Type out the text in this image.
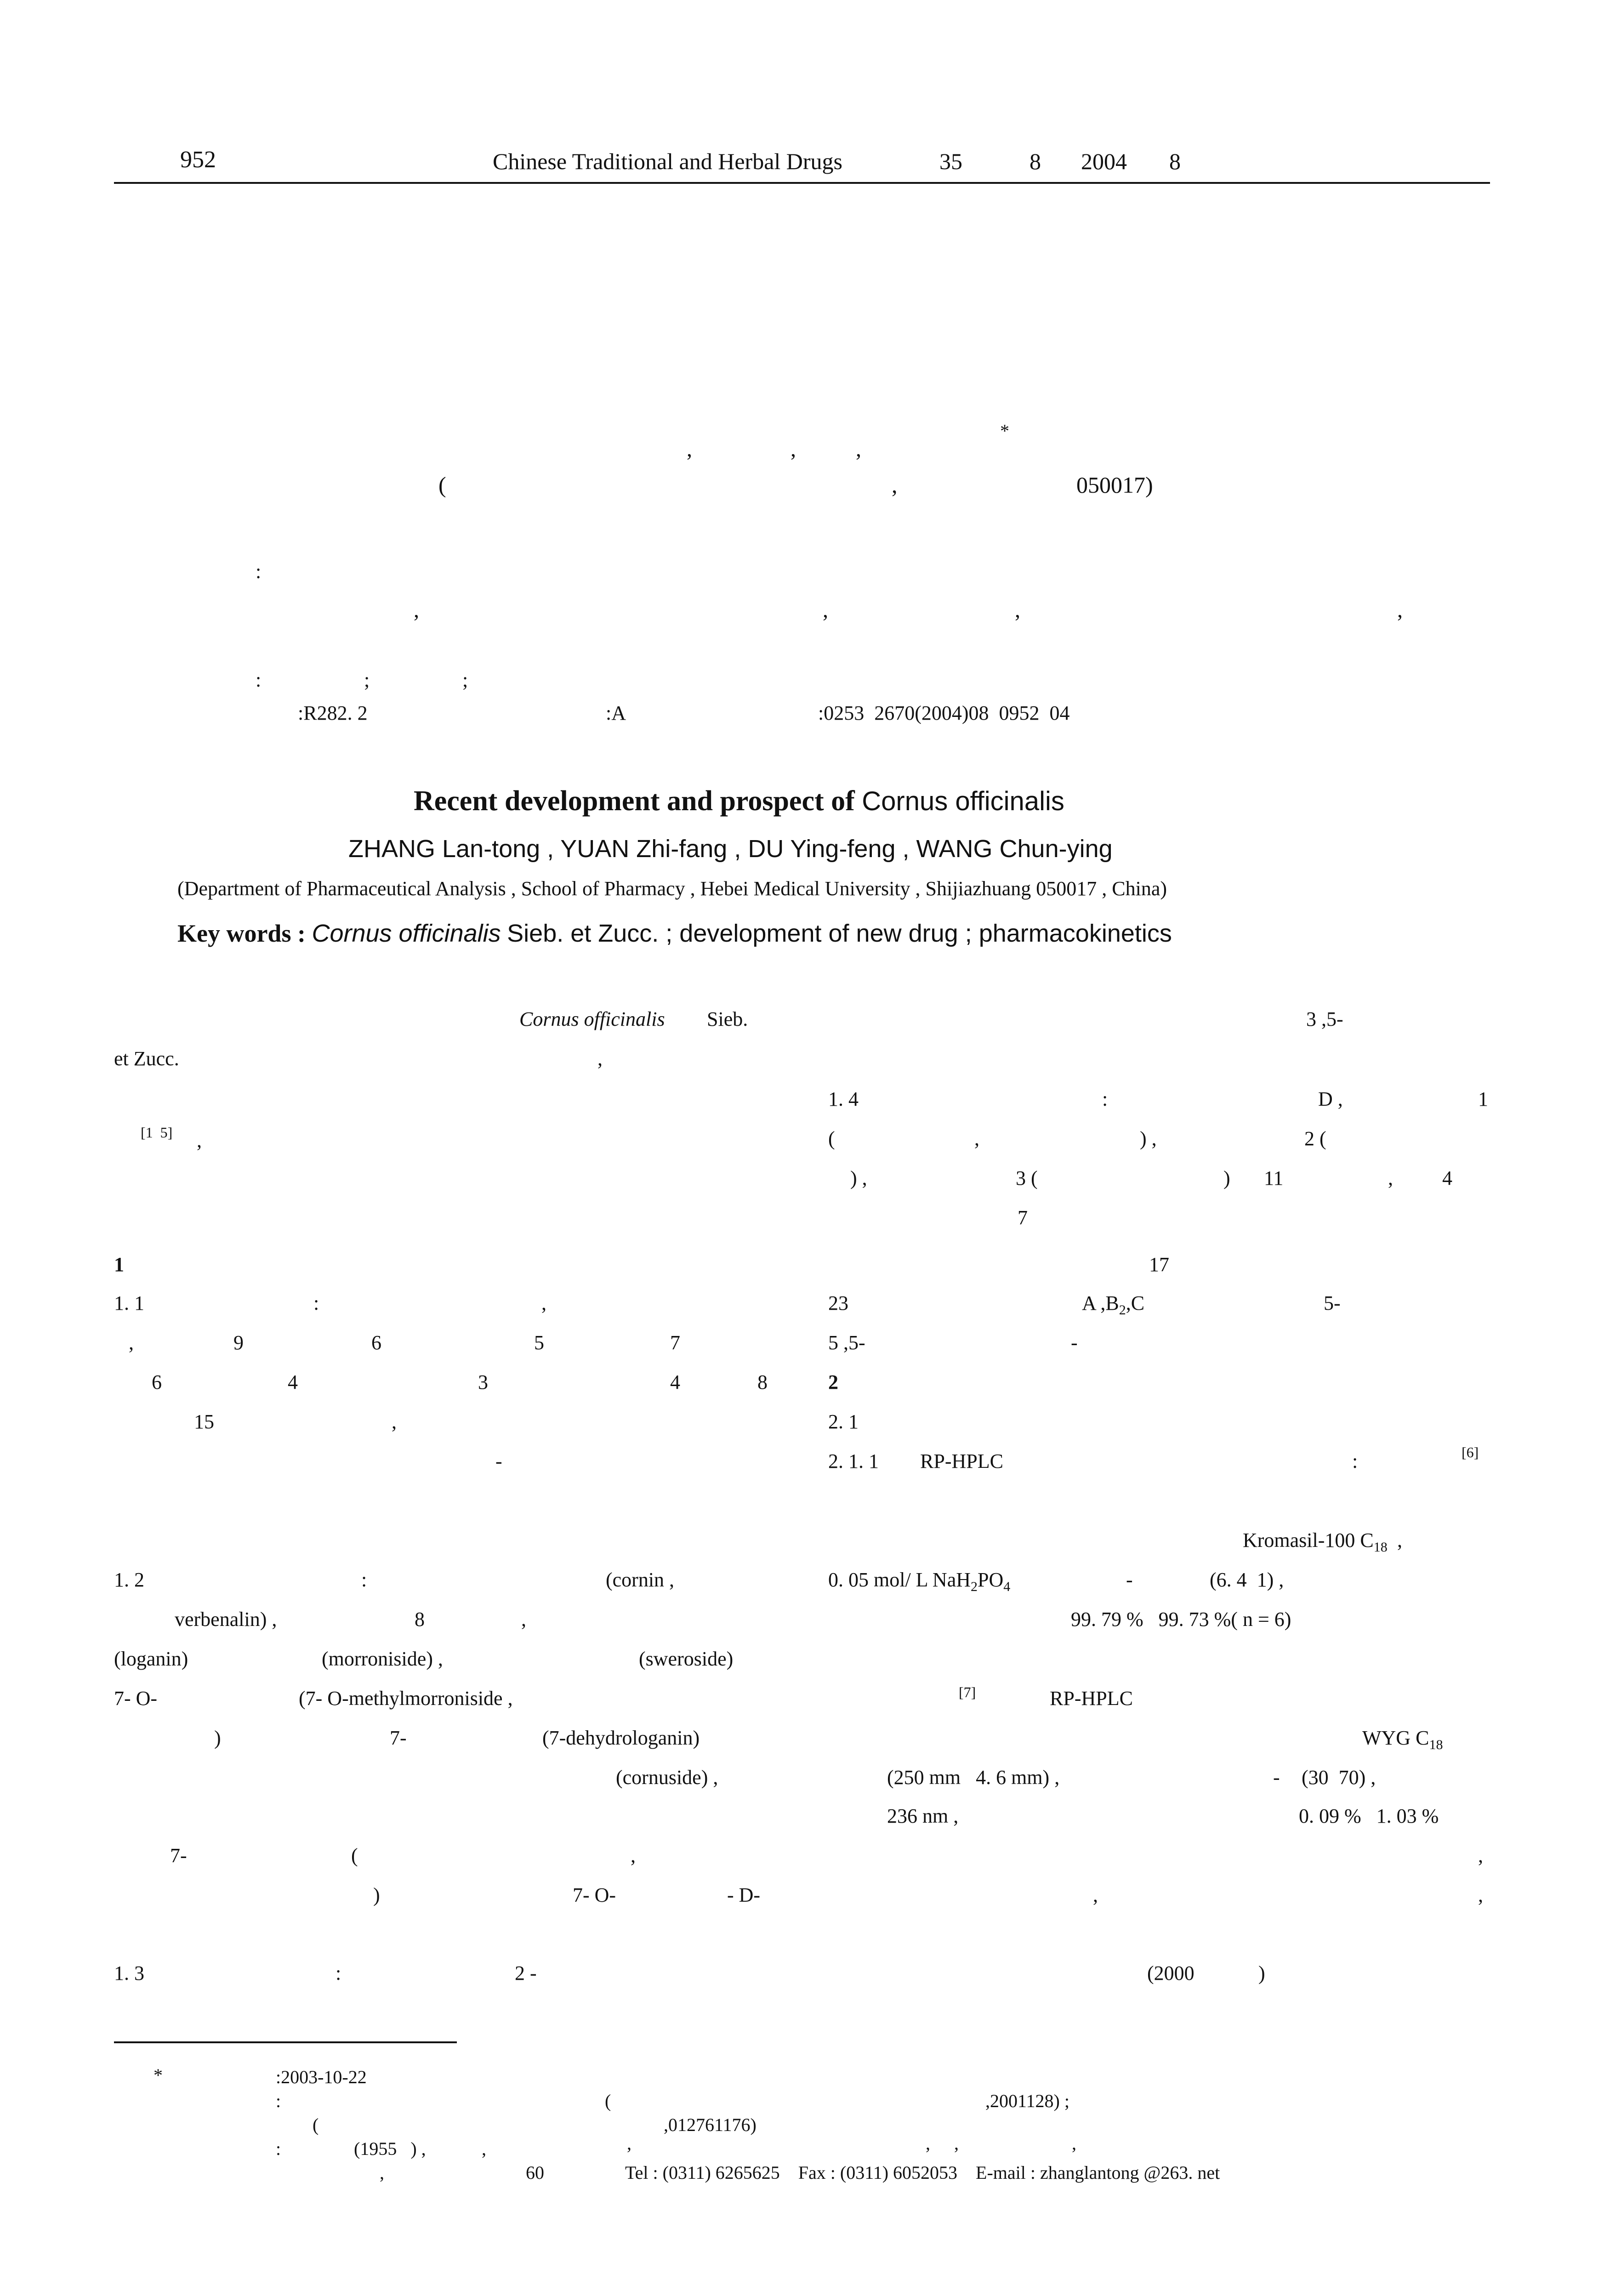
952	Chinese Traditional and Herbal Drugs	35	8 2004 8
*
,	,	,
(	,	050017)
:
,	,	,	,
:	;	;
:R282. 2	:A	:0253  2670(2004)08  0952  04
Recent development and prospect of Cornus officinalis
ZHANG Lan-tong , YUAN Zhi-fang , DU Ying-feng , WANG Chun-ying
(Department of Pharmaceutical Analysis , School of Pharmacy , Hebei Medical University , Shijiazhuang 050017 , China)
Key words : Cornus officinalis Sieb. et Zucc. ; development of new drug ; pharmacokinetics
Cornus officinalis Sieb.
et Zucc.	,
[1  5] ,
1
1. 1	:	,
,	9	6	5	7
6	4	3	4	8
15	,
-
1. 2	:	(cornin ,
verbenalin) ,	8	,
(loganin)	(morroniside) ,	(sweroside)
7- O-	(7- O-methylmorroniside ,
)	7-	(7-dehydrologanin)
(cornuside) ,
7-	(	,
)	7- O-	- D-
1. 3	:	2 -
3 ,5-
1. 4	:	D ,	1
(	,	) ,	2 (
) ,	3 (	) 11	, 4
7
17
23	A $,B_2,C$	5-
5 ,5-	-
2
2. 1
2. 1. 1 RP-HPLC	:	[6]
Kromasil-100 $C_{18}$ ,
0. 05 mol/ L $NaH_2PO_4$	-	(6. 4  1) ,
99. 79 %   99. 73 %( n = 6)
[7]	RP-HPLC
WYG $C_{18}$
(250 mm   4. 6 mm) ,	- (30  70) ,
236 nm ,	0. 09 %   1. 03 %
,
,	,
(2000	)
*	:2003-10-22
:	(	,2001128) ;
(	,012761176)
:	(1955   ) ,	,	,	, ,	,
,	60	Tel : (0311) 6265625    Fax : (0311) 6052053    E-mail : zhanglantong @263. net
